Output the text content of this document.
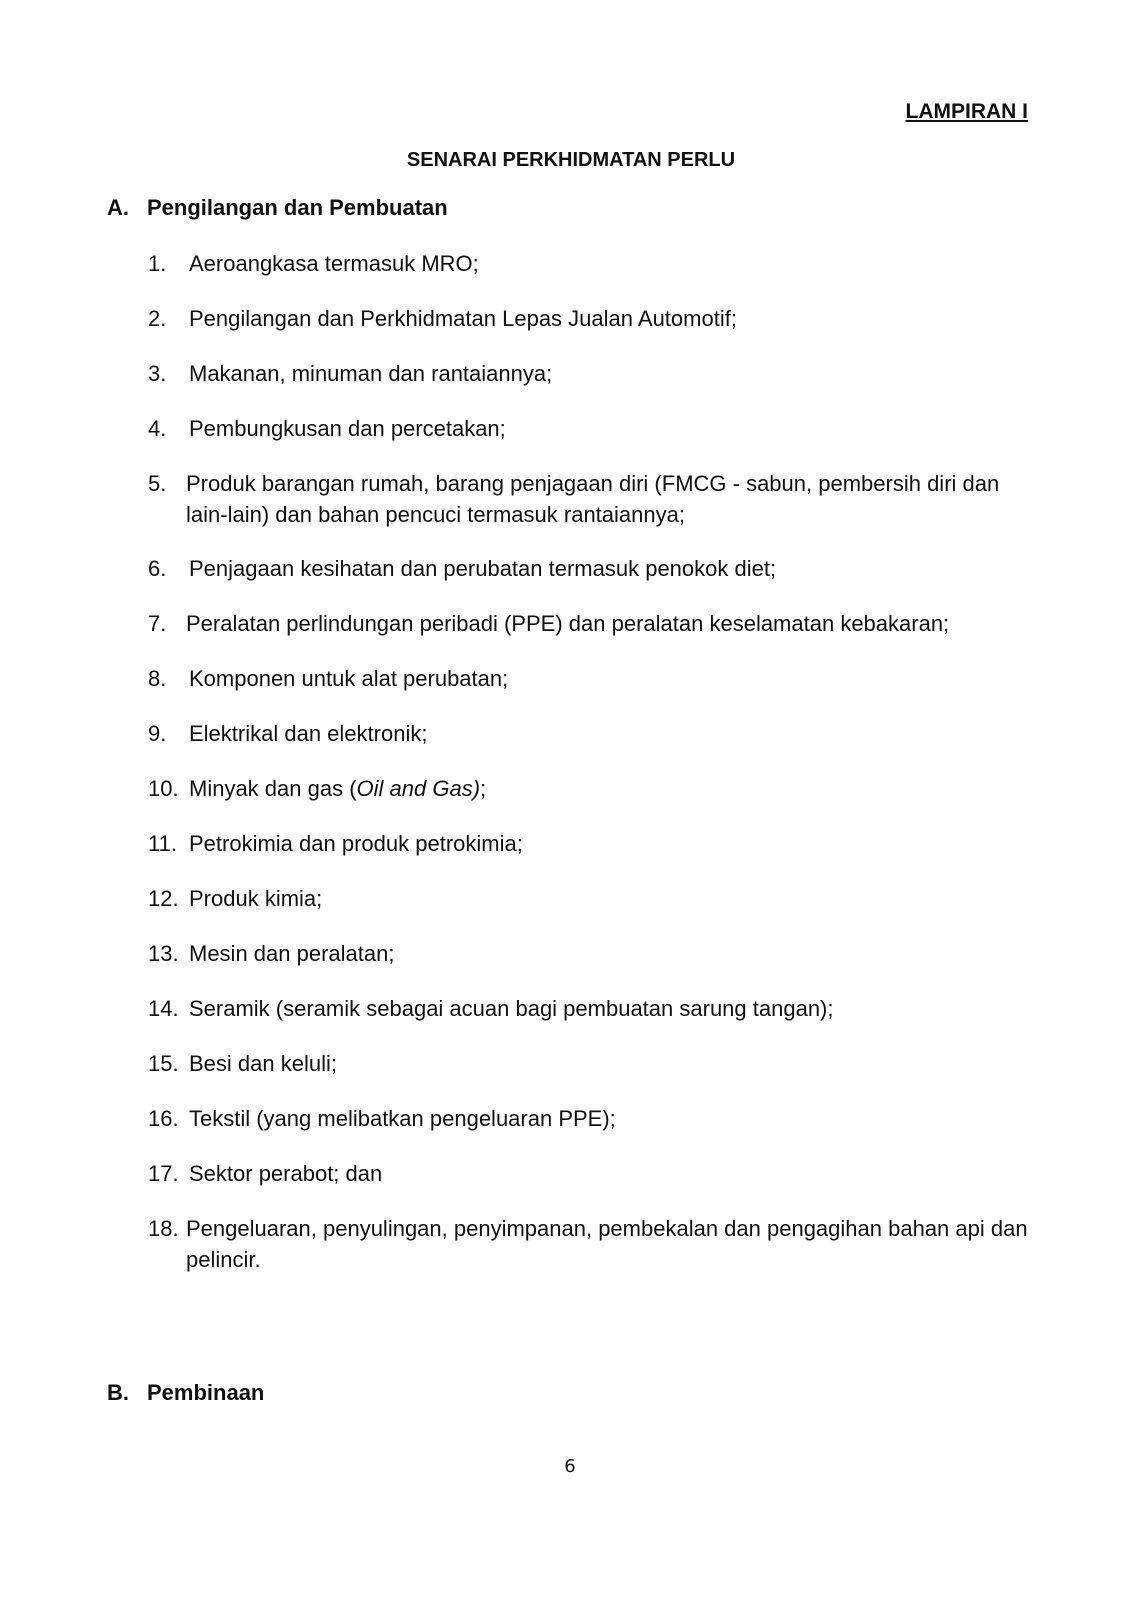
LAMPIRAN I
SENARAI PERKHIDMATAN PERLU
A. Pengilangan dan Pembuatan
1. Aeroangkasa termasuk MRO;
2. Pengilangan dan Perkhidmatan Lepas Jualan Automotif;
3. Makanan, minuman dan rantaiannya;
4. Pembungkusan dan percetakan;
5. Produk barangan rumah, barang penjagaan diri (FMCG - sabun, pembersih diri dan lain-lain) dan bahan pencuci termasuk rantaiannya;
6. Penjagaan kesihatan dan perubatan termasuk penokok diet;
7. Peralatan perlindungan peribadi (PPE) dan peralatan keselamatan kebakaran;
8. Komponen untuk alat perubatan;
9. Elektrikal dan elektronik;
10. Minyak dan gas (Oil and Gas);
11. Petrokimia dan produk petrokimia;
12. Produk kimia;
13. Mesin dan peralatan;
14. Seramik (seramik sebagai acuan bagi pembuatan sarung tangan);
15. Besi dan keluli;
16. Tekstil (yang melibatkan pengeluaran PPE);
17. Sektor perabot; dan
18. Pengeluaran, penyulingan, penyimpanan, pembekalan dan pengagihan bahan api dan pelincir.
B. Pembinaan
6
